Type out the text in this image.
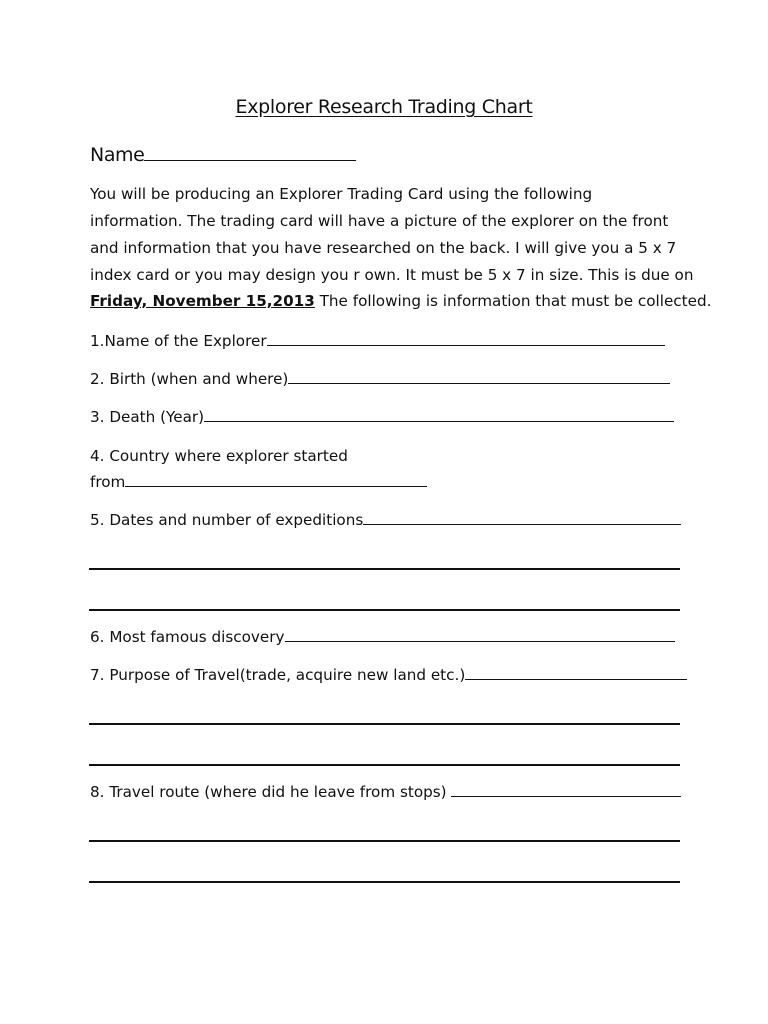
Explorer Research Trading Chart
Name
You will be producing an Explorer Trading Card using the following
information. The trading card will have a picture of the explorer on the front
and information that you have researched on the back. I will give you a 5 x 7
index card or you may design you r own. It must be 5 x 7 in size. This is due on
Friday, November 15,2013 The following is information that must be collected.
1.Name of the Explorer
2. Birth (when and where)
3. Death (Year)
4. Country where explorer started
from
5. Dates and number of expeditions
6. Most famous discovery
7. Purpose of Travel(trade, acquire new land etc.)
8. Travel route (where did he leave from stops)
